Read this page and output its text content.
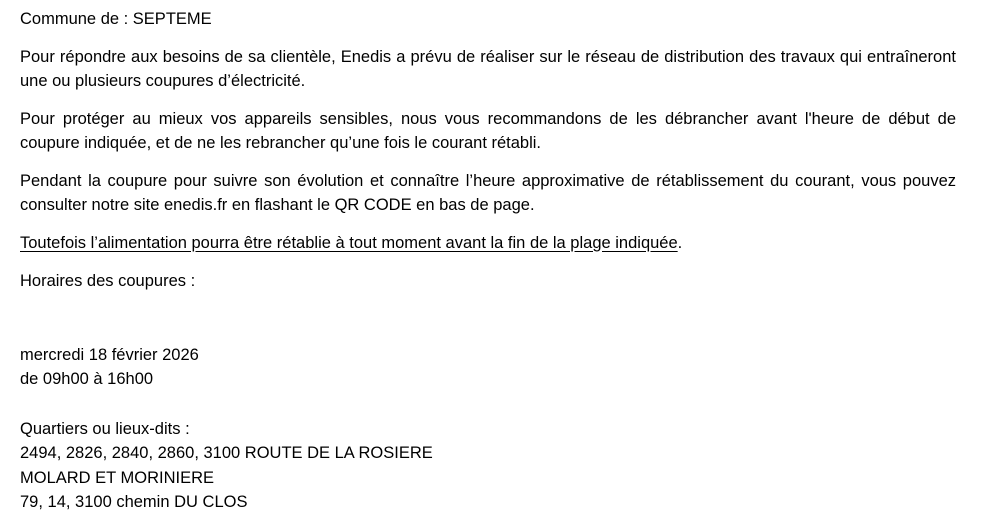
Commune de : SEPTEME

Pour répondre aux besoins de sa clientèle, Enedis a prévu de réaliser sur le réseau de distribution des travaux qui entraîneront une ou plusieurs coupures d’électricité.

Pour protéger au mieux vos appareils sensibles, nous vous recommandons de les débrancher avant l'heure de début de coupure indiquée, et de ne les rebrancher qu’une fois le courant rétabli.

Pendant la coupure pour suivre son évolution et connaître l’heure approximative de rétablissement du courant, vous pouvez consulter notre site enedis.fr en flashant le QR CODE en bas de page.

Toutefois l’alimentation pourra être rétablie à tout moment avant la fin de la plage indiquée.
Horaires des coupures :
mercredi 18 février 2026
de 09h00 à 16h00
Quartiers ou lieux-dits :
2494, 2826, 2840, 2860, 3100 ROUTE DE LA ROSIERE
MOLARD ET MORINIERE
79, 14, 3100 chemin DU CLOS
